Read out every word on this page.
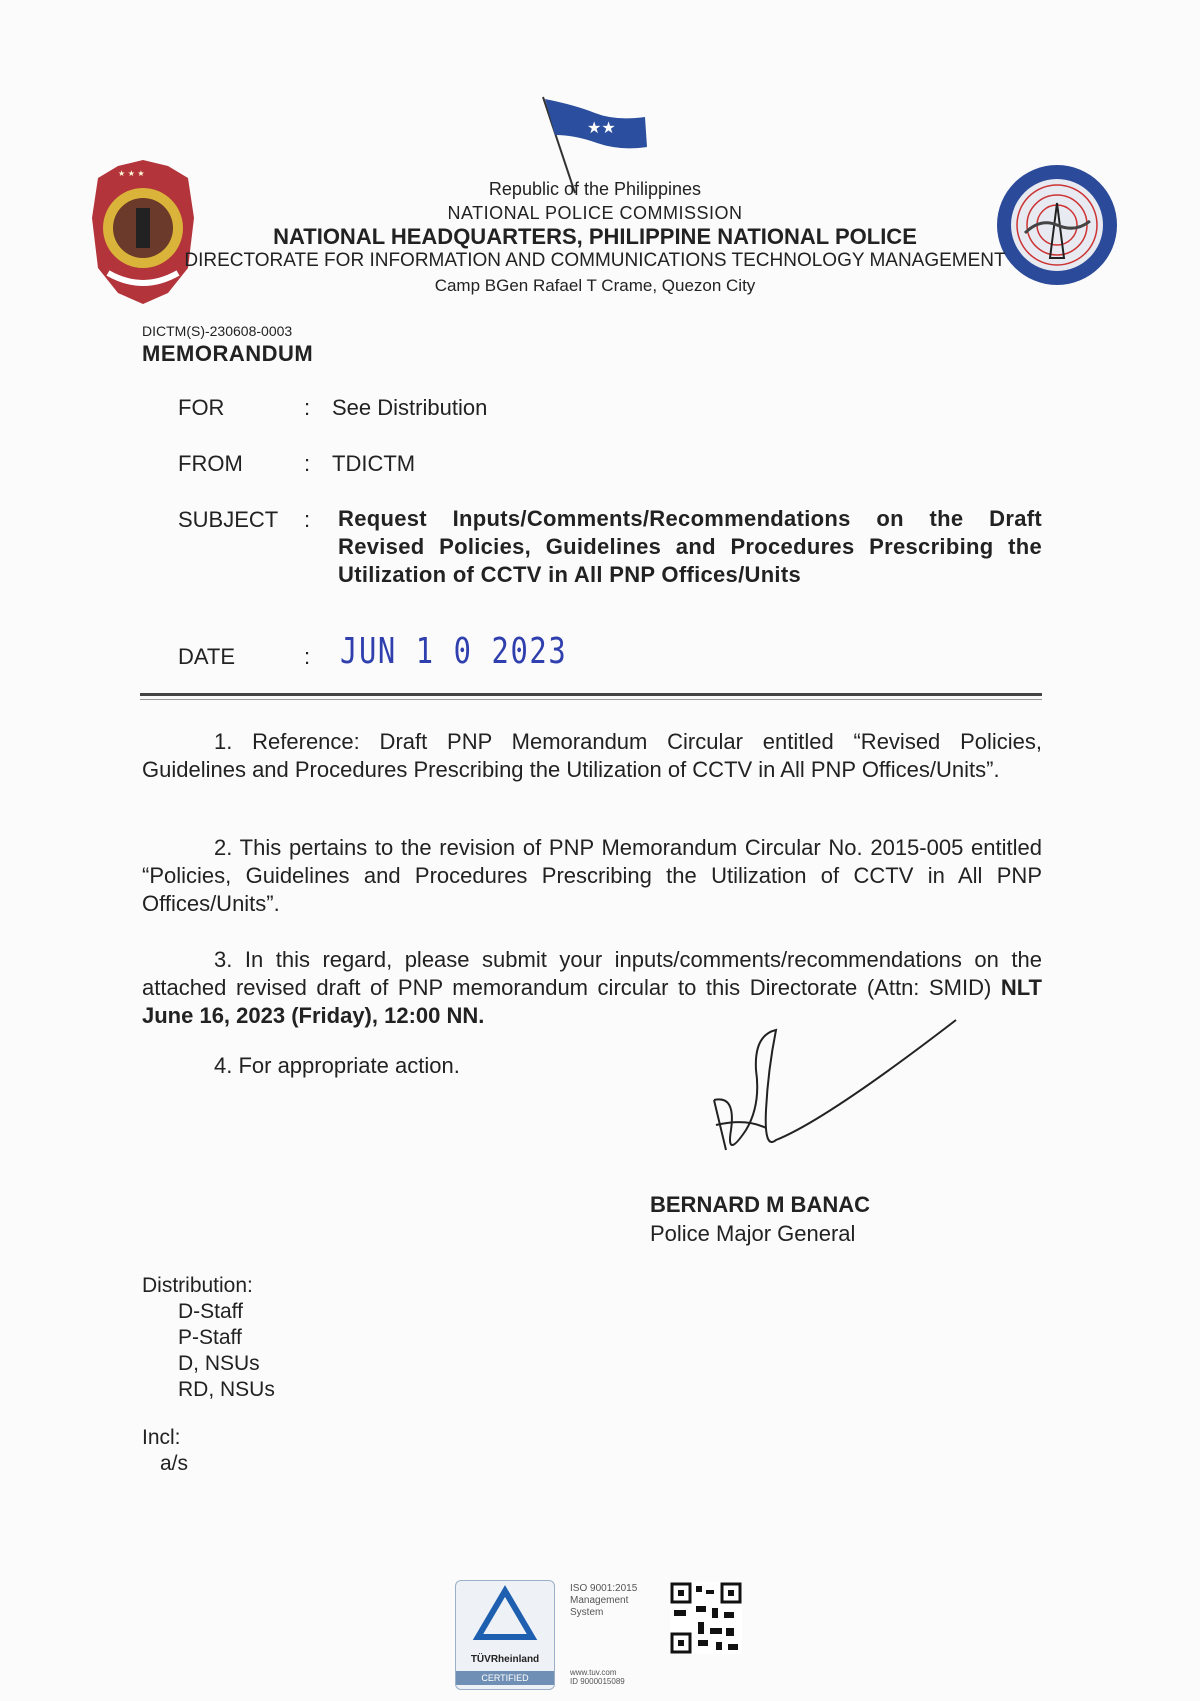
★★
★ ★ ★
Republic of the Philippines
NATIONAL POLICE COMMISSION
NATIONAL HEADQUARTERS, PHILIPPINE NATIONAL POLICE
DIRECTORATE FOR INFORMATION AND COMMUNICATIONS TECHNOLOGY MANAGEMENT
Camp BGen Rafael T Crame, Quezon City
DICTM(S)-230608-0003
MEMORANDUM
FOR	: See Distribution
FROM	: TDICTM
SUBJECT : Request Inputs/Comments/Recommendations on the Draft Revised Policies, Guidelines and Procedures Prescribing the Utilization of CCTV in All PNP Offices/Units
DATE	: JUN 1 0 2023
1. Reference: Draft PNP Memorandum Circular entitled “Revised Policies, Guidelines and Procedures Prescribing the Utilization of CCTV in All PNP Offices/Units”.
2. This pertains to the revision of PNP Memorandum Circular No. 2015-005 entitled “Policies, Guidelines and Procedures Prescribing the Utilization of CCTV in All PNP Offices/Units”.
3. In this regard, please submit your inputs/comments/recommendations on the attached revised draft of PNP memorandum circular to this Directorate (Attn: SMID) NLT June 16, 2023 (Friday), 12:00 NN.
4. For appropriate action.
BERNARD M BANAC
Police Major General
Distribution:
D-Staff
P-Staff
D, NSUs
RD, NSUs
Incl:
a/s
TÜVRheinland
CERTIFIED
ISO 9001:2015
Management
System
www.tuv.com
ID 9000015089
